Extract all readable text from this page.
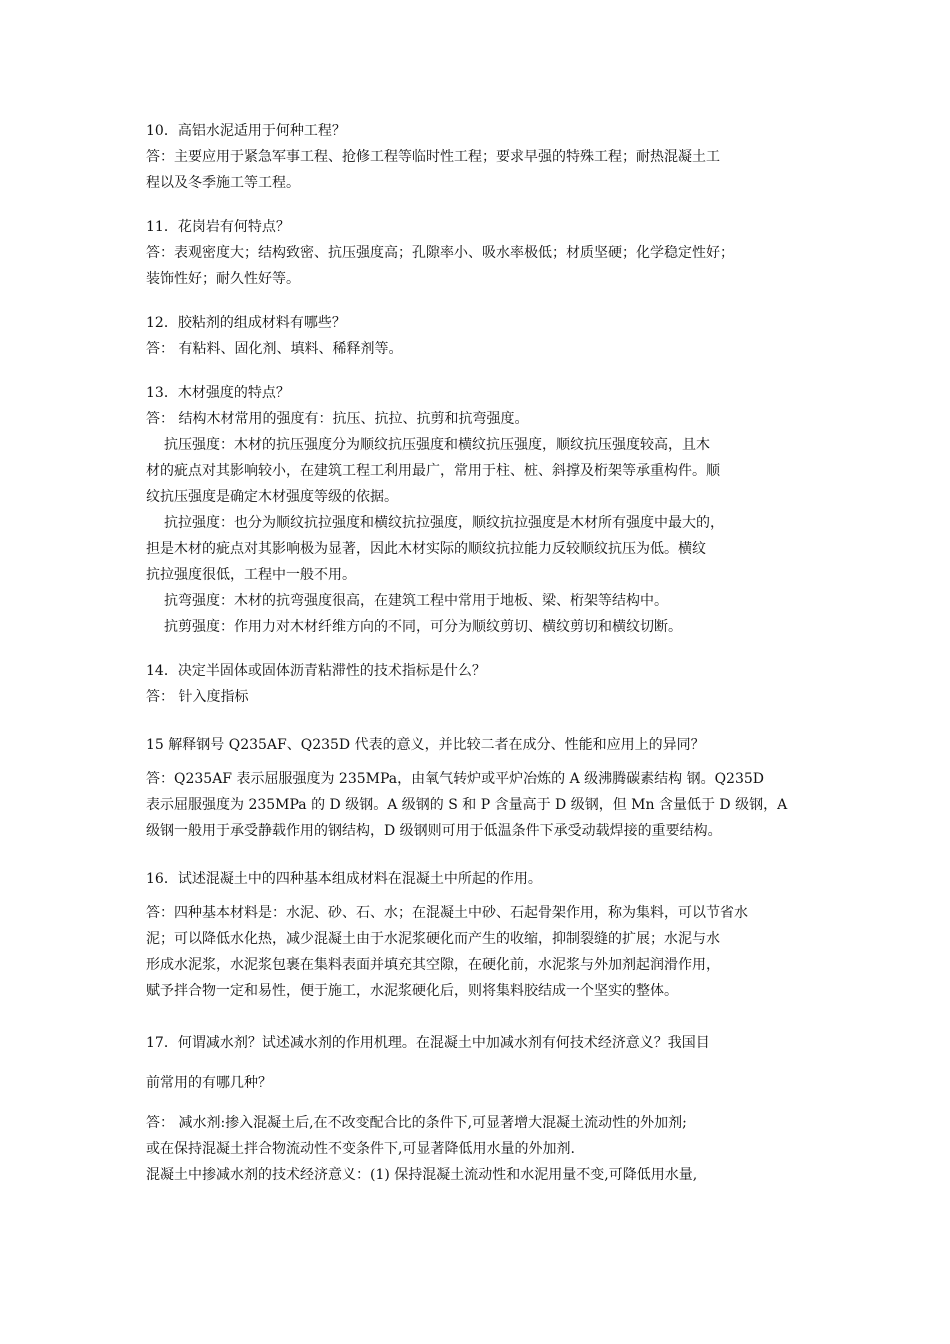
10．高铝水泥适用于何种工程？
答：主要应用于紧急军事工程、抢修工程等临时性工程；要求早强的特殊工程；耐热混凝土工
程以及冬季施工等工程。
11．花岗岩有何特点？
答：表观密度大；结构致密、抗压强度高；孔隙率小、吸水率极低；材质坚硬；化学稳定性好；
装饰性好；耐久性好等。
12．胶粘剂的组成材料有哪些？
答： 有粘料、固化剂、填料、稀释剂等。
13．木材强度的特点？
答： 结构木材常用的强度有：抗压、抗拉、抗剪和抗弯强度。
抗压强度：木材的抗压强度分为顺纹抗压强度和横纹抗压强度，顺纹抗压强度较高，且木
材的疵点对其影响较小，在建筑工程工利用最广，常用于柱、桩、斜撑及桁架等承重构件。顺
纹抗压强度是确定木材强度等级的依据。
抗拉强度：也分为顺纹抗拉强度和横纹抗拉强度，顺纹抗拉强度是木材所有强度中最大的，
担是木材的疵点对其影响极为显著，因此木材实际的顺纹抗拉能力反较顺纹抗压为低。横纹
抗拉强度很低，工程中一般不用。
抗弯强度：木材的抗弯强度很高，在建筑工程中常用于地板、梁、桁架等结构中。
抗剪强度：作用力对木材纤维方向的不同，可分为顺纹剪切、横纹剪切和横纹切断。
14．决定半固体或固体沥青粘滞性的技术指标是什么？
答： 针入度指标
15 解释钢号 Q235AF、Q235D 代表的意义，并比较二者在成分、性能和应用上的异同？
答：Q235AF 表示屈服强度为 235MPa，由氧气转炉或平炉冶炼的 A 级沸腾碳素结构 钢。Q235D
表示屈服强度为 235MPa 的 D 级钢。A 级钢的 S 和 P 含量高于 D 级钢，但 Mn 含量低于 D 级钢，A
级钢一般用于承受静载作用的钢结构，D 级钢则可用于低温条件下承受动载焊接的重要结构。
16．试述混凝土中的四种基本组成材料在混凝土中所起的作用。
答：四种基本材料是：水泥、砂、石、水；在混凝土中砂、石起骨架作用，称为集料，可以节省水
泥；可以降低水化热，减少混凝土由于水泥浆硬化而产生的收缩，抑制裂缝的扩展；水泥与水
形成水泥浆，水泥浆包裹在集料表面并填充其空隙，在硬化前，水泥浆与外加剂起润滑作用，
赋予拌合物一定和易性，便于施工，水泥浆硬化后，则将集料胶结成一个坚实的整体。
17．何谓减水剂？试述减水剂的作用机理。在混凝土中加减水剂有何技术经济意义？我国目
前常用的有哪几种？
答： 减水剂:掺入混凝土后,在不改变配合比的条件下,可显著增大混凝土流动性的外加剂;
或在保持混凝土拌合物流动性不变条件下,可显著降低用水量的外加剂.
混凝土中掺减水剂的技术经济意义：(1) 保持混凝土流动性和水泥用量不变,可降低用水量,
